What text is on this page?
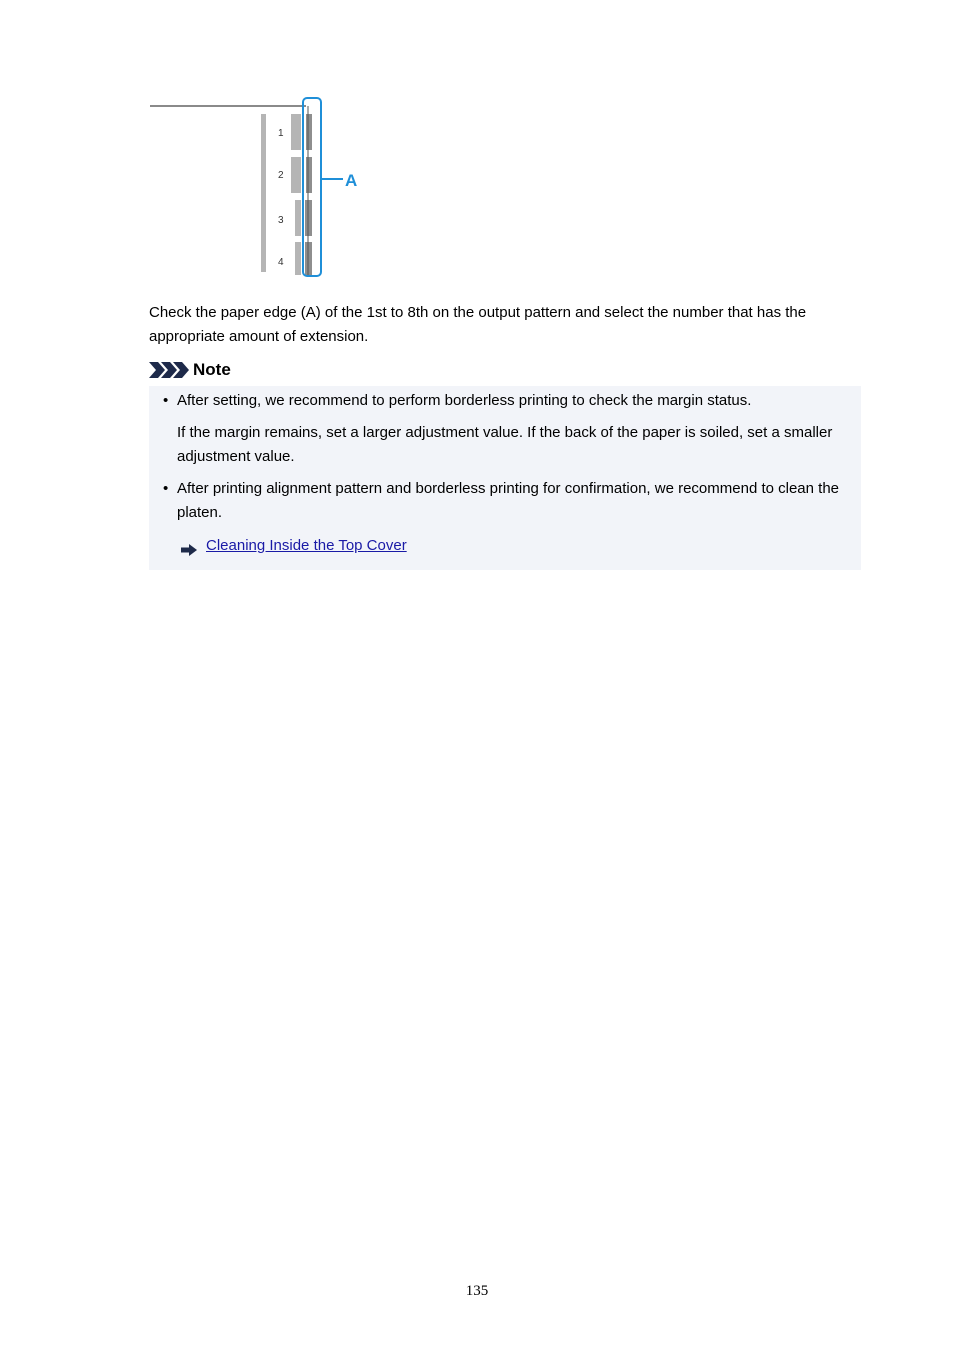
1
2
3
4
A

Check the paper edge (A) of the 1st to 8th on the output pattern and select the number that has the appropriate amount of extension.

Note
• After setting, we recommend to perform borderless printing to check the margin status.

If the margin remains, set a larger adjustment value. If the back of the paper is soiled, set a smaller adjustment value.

• After printing alignment pattern and borderless printing for confirmation, we recommend to clean the platen.

Cleaning Inside the Top Cover
135
